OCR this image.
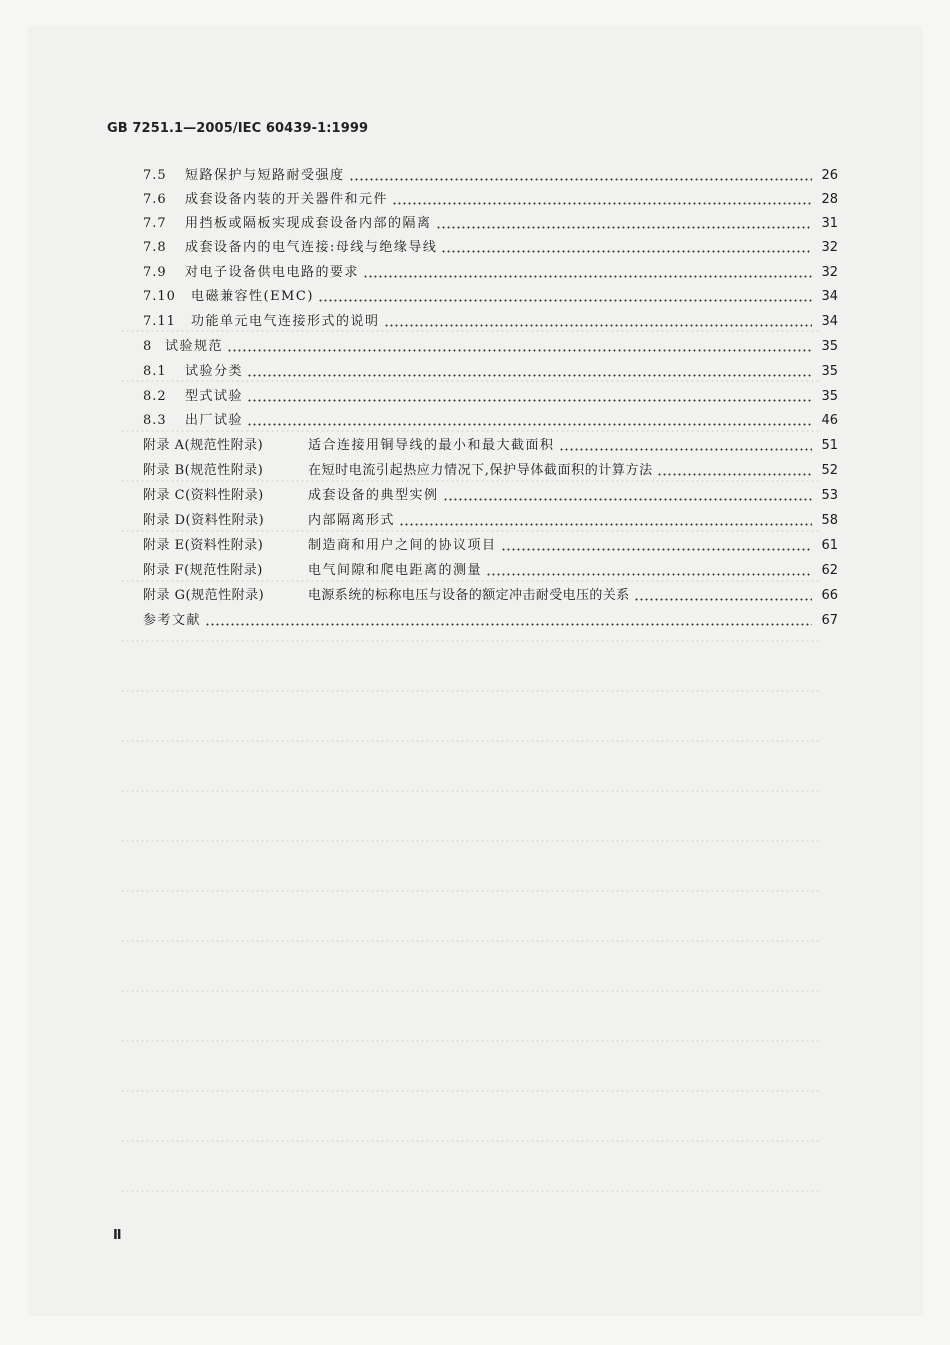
GB 7251.1—2005/IEC 60439-1:1999
7.5	短路保护与短路耐受强度	26
7.6	成套设备内装的开关器件和元件	28
7.7	用挡板或隔板实现成套设备内部的隔离	31
7.8	成套设备内的电气连接:母线与绝缘导线	32
7.9	对电子设备供电电路的要求	32
7.10	电磁兼容性(EMC)	34
7.11	功能单元电气连接形式的说明	34
8 试验规范	35
8.1	试验分类	35
8.2	型式试验	35
8.3	出厂试验	46
附录 A(规范性附录)	适合连接用铜导线的最小和最大截面积	51
附录 B(规范性附录)	在短时电流引起热应力情况下,保护导体截面积的计算方法	52
附录 C(资料性附录)	成套设备的典型实例	53
附录 D(资料性附录)	内部隔离形式	58
附录 E(资料性附录)	制造商和用户之间的协议项目	61
附录 F(规范性附录)	电气间隙和爬电距离的测量	62
附录 G(规范性附录)	电源系统的标称电压与设备的额定冲击耐受电压的关系	66
参考文献	67
Ⅱ
